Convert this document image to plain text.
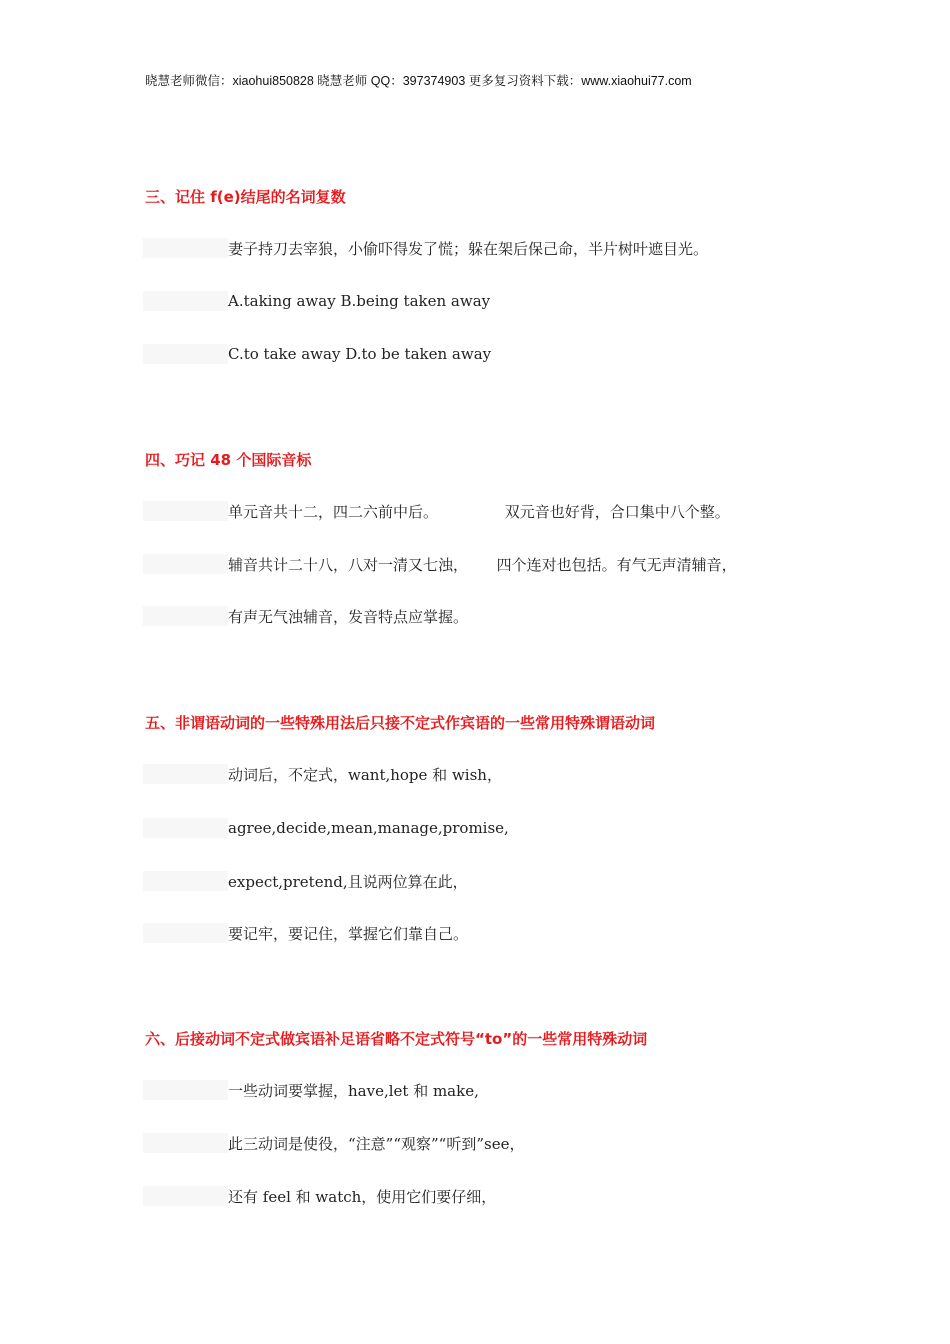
晓慧老师微信：xiaohui850828 晓慧老师 QQ：397374903 更多复习资料下载：www.xiaohui77.com
三、记住 f(e)结尾的名词复数
妻子持刀去宰狼，小偷吓得发了慌；躲在架后保己命，半片树叶遮目光。
A.taking away B.being taken away
C.to take away D.to be taken away
四、巧记 48 个国际音标
单元音共十二，四二六前中后。              双元音也好背，合口集中八个整。
辅音共计二十八，八对一清又七浊，      四个连对也包括。有气无声清辅音，
有声无气浊辅音，发音特点应掌握。
五、非谓语动词的一些特殊用法后只接不定式作宾语的一些常用特殊谓语动词
动词后，不定式，want,hope 和 wish，
agree,decide,mean,manage,promise,
expect,pretend,且说两位算在此，
要记牢，要记住，掌握它们靠自己。
六、后接动词不定式做宾语补足语省略不定式符号“to”的一些常用特殊动词
一些动词要掌握，have,let 和 make,
此三动词是使役，“注意”“观察”“听到”see，
还有 feel 和 watch，使用它们要仔细，
